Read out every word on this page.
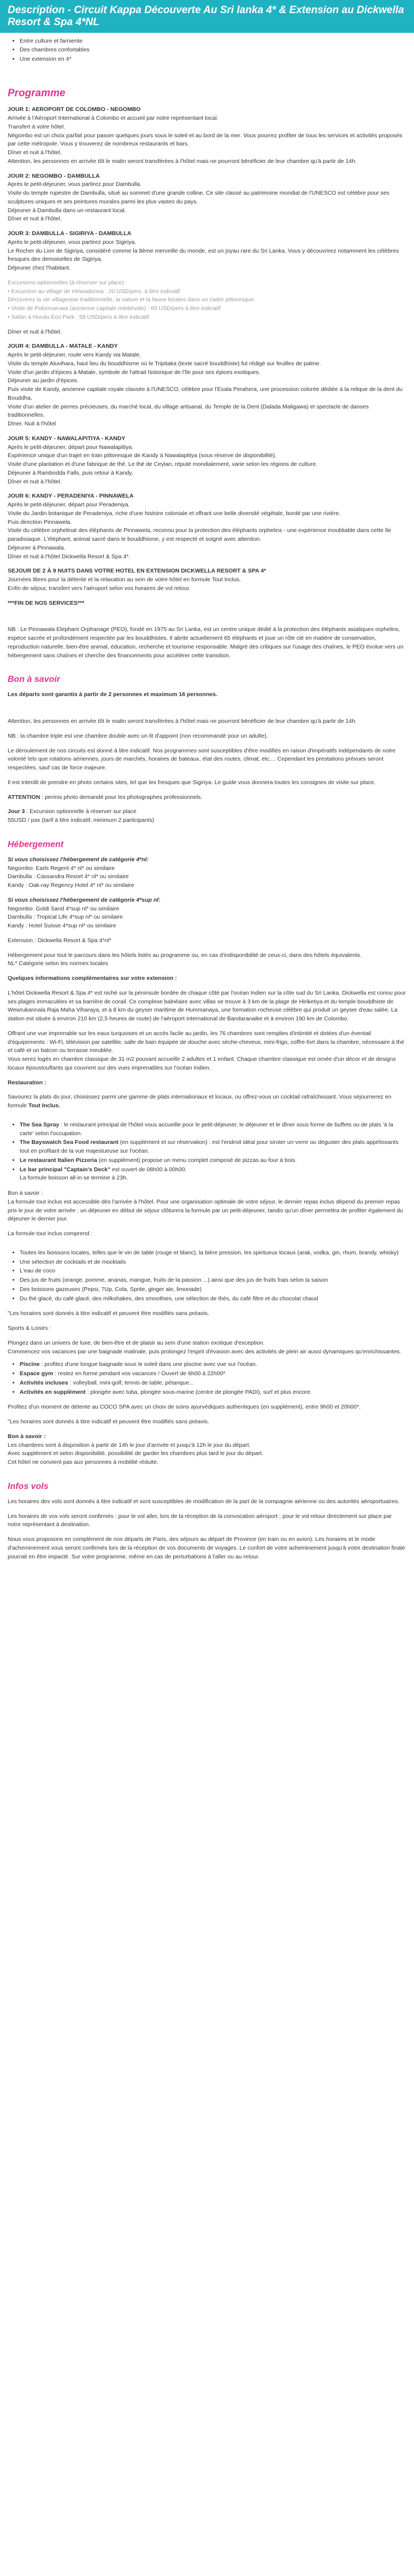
Description - Circuit Kappa Découverte Au Sri lanka 4* & Extension au Dickwella Resort & Spa 4*NL
• Entre culture et farniente
• Des chambres confortables
• Une extension en 4*
Programme

JOUR 1: AEROPORT DE COLOMBO - NEGOMBO

Arrivée à l'Aéroport International à Colombo et accueil par notre représentant local.

Transfert à votre hôtel.

Négombo est un choix parfait pour passer quelques jours sous le soleil et au bord de la mer. Vous pourrez profiter de tous les services et activités proposés par cette métropole. Vous y trouverez de nombreux restaurants et bars.

Dîner et nuit à l'hôtel.

Attention, les personnes en arrivée tôt le matin seront transférées à l'hôtel mais ne pourront bénéficier de leur chambre qu'à partir de 14h.

JOUR 2: NEGOMBO - DAMBULLA

Après le petit-déjeuner, vous partirez pour Dambulla.

Visite du temple rupestre de Dambulla, situé au sommet d'une grande colline. Ce site classé au patrimoine mondial de l'UNESCO est célèbre pour ses sculptures uniques et ses peintures murales parmi les plus vastes du pays.

Déjeuner à Dambulla dans un restaurant local.

Dîner et nuit à l'hôtel.

JOUR 3: DAMBULLA - SIGIRIYA - DAMBULLA

Après le petit-déjeuner, vous partirez pour Sigiriya.

Le Rocher du Lion de Sigiriya, considéré comme la 8ème merveille du monde, est un joyau rare du Sri Lanka. Vous y découvrirez notamment les célèbres fresques des demoiselles de Sigiriya.

Déjeuner chez l'habitant.

Excursions optionnelles (à réserver sur place) :

• Excursion au village de Hiriwadunna : 20 USD/pers. à titre indicatif

Découvrez la vie villageoise traditionnelle, la nature et la faune locales dans un cadre pittoresque.

• Visite de Polonnaruwa (ancienne capitale médiévale) : 60 USD/pers à titre indicatif

• Safari à Hurulu Eco Park : 58 USD/pers à titre indicatif

Dîner et nuit à l'hôtel.

JOUR 4: DAMBULLA - MATALE - KANDY

Après le petit-déjeuner, route vers Kandy via Matale.

Visite du temple Aluvihara, haut lieu du bouddhisme où le Tripitaka (texte sacré bouddhiste) fut rédigé sur feuilles de palme.

Visite d'un jardin d'épices à Matale, symbole de l'attrait historique de l'île pour ses épices exotiques.

Déjeuner au jardin d'épices.

Puis visite de Kandy, ancienne capitale royale classée à l'UNESCO, célèbre pour l'Esala Perahera, une procession colorée dédiée à la relique de la dent du Bouddha.

Visite d'un atelier de pierres précieuses, du marché local, du village artisanal, du Temple de la Dent (Dalada Maligawa) et spectacle de danses traditionnelles.

Dîner. Nuit à l'hôtel

JOUR 5: KANDY - NAWALAPITIYA - KANDY

Après le petit-déjeuner, départ pour Nawalapitiya.

Expérience unique d'un trajet en train pittoresque de Kandy à Nawalapitiya (sous réserve de disponibilité).

Visite d'une plantation et d'une fabrique de thé. Le thé de Ceylan, réputé mondialement, varie selon les régions de culture.

Déjeuner à Rambodda Falls, puis retour à Kandy.

Dîner et nuit à l'hôtel.

JOUR 6: KANDY - PERADENIYA - PINNAWELA

Après le petit-déjeuner, départ pour Peradeniya.

Visite du Jardin botanique de Peradeniya, riche d'une histoire coloniale et offrant une belle diversité végétale, bordé par une rivière.

Puis direction Pinnawela.

Visite du célèbre orphelinat des éléphants de Pinnawela, reconnu pour la protection des éléphants orphelins - une expérience inoubliable dans cette île paradisiaque. L'éléphant, animal sacré dans le bouddhisme, y est respecté et soigné avec attention.

Déjeuner à Pinnawala.

Dîner et nuit à l'hôtel Dickwella Resort & Spa 4*.

SEJOUR DE 2 À 9 NUITS DANS VOTRE HOTEL EN EXTENSION DICKWELLA RESORT & SPA 4*

Journées libres pour la détente et la relaxation au sein de votre hôtel en formule Tout Inclus.

Enfin de séjour, transfert vers l'aéroport selon vos horaires de vol retour.

***FIN DE NOS SERVICES***

NB : Le Pinnawala Elephant Orphanage (PEO), fondé en 1975 au Sri Lanka, est un centre unique dédié à la protection des éléphants asiatiques orphelins, espèce sacrée et profondément respectée par les bouddhistes. Il abrite actuellement 65 éléphants et joue un rôle clé en matière de conservation, reproduction naturelle, bien-être animal, éducation, recherche et tourisme responsable. Malgré des critiques sur l'usage des chaînes, le PEO évolue vers un hébergement sans chaînes et cherche des financements pour accélérer cette transition.

Bon à savoir

Les départs sont garantis à partir de 2 personnes et maximum 16 personnes.

Attention, les personnes en arrivée tôt le matin seront transférées à l'hôtel mais ne pourront bénéficier de leur chambre qu'à partir de 14h.

NB : la chambre triple est une chambre double avec un lit d'appoint (non recommandé pour un adulte).

Le déroulement de nos circuits est donné à titre indicatif. Nos programmes sont susceptibles d'être modifiés en raison d'impératifs indépendants de notre volonté tels que rotations aériennes, jours de marchés, horaires de bateaux, état des routes, climat, etc.... Cependant les prestations prévues seront respectées, sauf cas de force majeure.

Il est interdit de prendre en photo certains sites, tel que les fresques que Sigiriya. Le guide vous donnera toutes les consignes de visite sur place.

ATTENTION : permis photo demandé pour les photographes professionnels.

Jour 3 : Excursion optionnelle à réserver sur place

55USD / pax (tarif à titre indicatif, minimum 2 participants)

Hébergement

Si vous choisissez l'hébergement de catégorie 4*nl:

Negombo: Earls Regent 4* nl* ou similaire

Dambulla : Cassandra Resort 4* nl* ou similaire

Kandy : Oak-ray Regency Hotel 4* nl* ou similaire

Si vous choisissez l'hébergement de catégorie 4*sup nl:

Negombo: Goldi Sand 4*sup nl* ou similaire

Dambulla : Tropical Life 4*sup nl* ou similaire

Kandy : Hotel Suisse 4*sup nl* ou similaire

Extension : Dickwella Resort & Spa 4*nl*

Hébergement pour tout le parcours dans les hôtels listés au programme ou, en cas d'indisponibilité de ceux-ci, dans des hôtels équivalents.

NL* Catégorie selon les normes locales

Quelques informations complémentaires sur votre extension :

L'hôtel Dickwella Resort & Spa 4* est niché sur la péninsule bordée de chaque côté par l'océan Indien sur la côte sud du Sri Lanka. Dickwella est connu pour ses plages immaculées et sa barrière de corail. Ce complexe balnéaire avec villas se trouve à 3 km de la plage de Hiriketiya et du temple bouddhiste de Wewrukannala Raja Maha Viharaya, et à 8 km du geyser maritime de Hummanaya, une formation rocheuse célèbre qui produit un geyser d'eau salée. La station est située à environ 210 km (2,5 heures de route) de l'aéroport international de Bandaranaike et à environ 190 km de Colombo.

Offrant une vue imprenable sur les eaux turquoises et un accès facile au jardin, les 76 chambres sont remplies d'intimité et dotées d'un éventail d'équipements : Wi-Fi, télévision par satellite, salle de bain équipée de douche avec sèche-cheveux, mini-frigo, coffre-fort dans la chambre, nécessaire à thé et café et un balcon ou terrasse meublée.

Vous serez logés en chambre classique de 31 m2 pouvant accueillir 2 adultes et 1 enfant. Chaque chambre classique est ornée d'un décor et de designs locaux époustouflants qui couvrent sur des vues imprenables sur l'océan Indien.

Restauration :

Savourez la plats du jour, choisissez parmi une gamme de plats internationaux et locaux, ou offrez-vous un cocktail rafraîchissant. Vous séjournerez en formule Tout Inclus.

• The Sea Spray : le restaurant principal de l'hôtel vous accueille pour le petit-déjeuner, le déjeuner et le dîner sous forme de buffets ou de plats 'à la carte' selon l'occupation.
• The Bayswatch Sea Food restaurant (en supplément et sur réservation) : est l'endroit idéal pour siroter un verre ou déguster des plats appétissants tout en profitant de la vue majestueuse sur l'océan.
• Le restaurant Italien Pizzeria (en supplément) propose un menu complet composé de pizzas au four à bois.
• Le bar principal "Captain's Deck" est ouvert de 08h00 à 00h00.
La formule boisson all-in se termine à 23h.

Bon à savoir :

La formule tout inclus est accessible dès l'arrivée à l'hôtel. Pour une organisation optimale de votre séjour, le dernier repas inclus dépend du premier repas pris le jour de votre arrivée : un déjeuner en début de séjour clôturera la formule par un petit-déjeuner, tandis qu'un dîner permettra de profiter également du déjeuner le dernier jour.

La formule tout inclus comprend :

• Toutes les boissons locales, telles que le vin de table (rouge et blanc), la bière pression, les spiritueux locaux (arak, vodka, gin, rhum, brandy, whisky)
• Une sélection de cocktails et de mocktails
• L'eau de coco
• Des jus de fruits (orange, pomme, ananas, mangue, fruits de la passion ...) ainsi que des jus de fruits frais selon la saison
• Des boissons gazeuses (Pepsi, 7Up, Cola, Sprite, ginger ale, limonade)
• Du thé glacé, du café glacé, des milkshakes, des smoothies, une sélection de thés, du café filtre et du chocolat chaud

"Les horaires sont donnés à titre indicatif et peuvent être modifiés sans préavis.

Sports & Loisirs :

Plongez dans un univers de luxe, de bien-être et de plaisir au sein d'une station exotique d'exception.

Commencez vos vacances par une baignade matinale, puis prolongez l'esprit d'évasion avec des activités de plein air aussi dynamiques qu'enrichissantes.

• Piscine : profitez d'une longue baignade sous le soleil dans une piscine avec vue sur l'océan.
• Espace gym : restez en forme pendant vos vacances ! Ouvert de 6h00 à 22h00*
• Activités incluses : volleyball, mini-golf, tennis de table, pétanque...
• Activités en supplément : plongée avec tuba, plongée sous-marine (centre de plongée PADI), surf et plus encore.

Profitez d'un moment de détente au COCO SPA avec un choix de soins ayurvédiques authentiques (en supplément), entre 9h00 et 20h00*.

"Les horaires sont donnés à titre indicatif et peuvent être modifiés sans préavis.

Bon à savoir :

Les chambres sont à disposition à partir de 14h le jour d'arrivée et jusqu'à 12h le jour du départ.

Avec supplément et selon disponibilité, possibilité de garder les chambres plus tard le jour du départ.

Cet hôtel ne convient pas aux personnes à mobilité réduite.

Infos vols

Les horaires des vols sont donnés à titre indicatif et sont susceptibles de modification de la part de la compagnie aérienne ou des autorités aéroportuaires.

Les horaires de vos vols seront confirmés : pour le vol aller, lors de la réception de la convocation aéroport ; pour le vol retour directement sur place par notre représentant à destination.

Nous vous proposons en complément de nos départs de Paris, des séjours au départ de Province (en train ou en avion). Les horaires et le mode d'acheminement vous seront confirmés lors de la réception de vos documents de voyages. Le confort de votre acheminement jusqu'à votre destination finale pourrait en être impacté. Sur votre programme, même en cas de perturbations à l'aller ou au retour.
